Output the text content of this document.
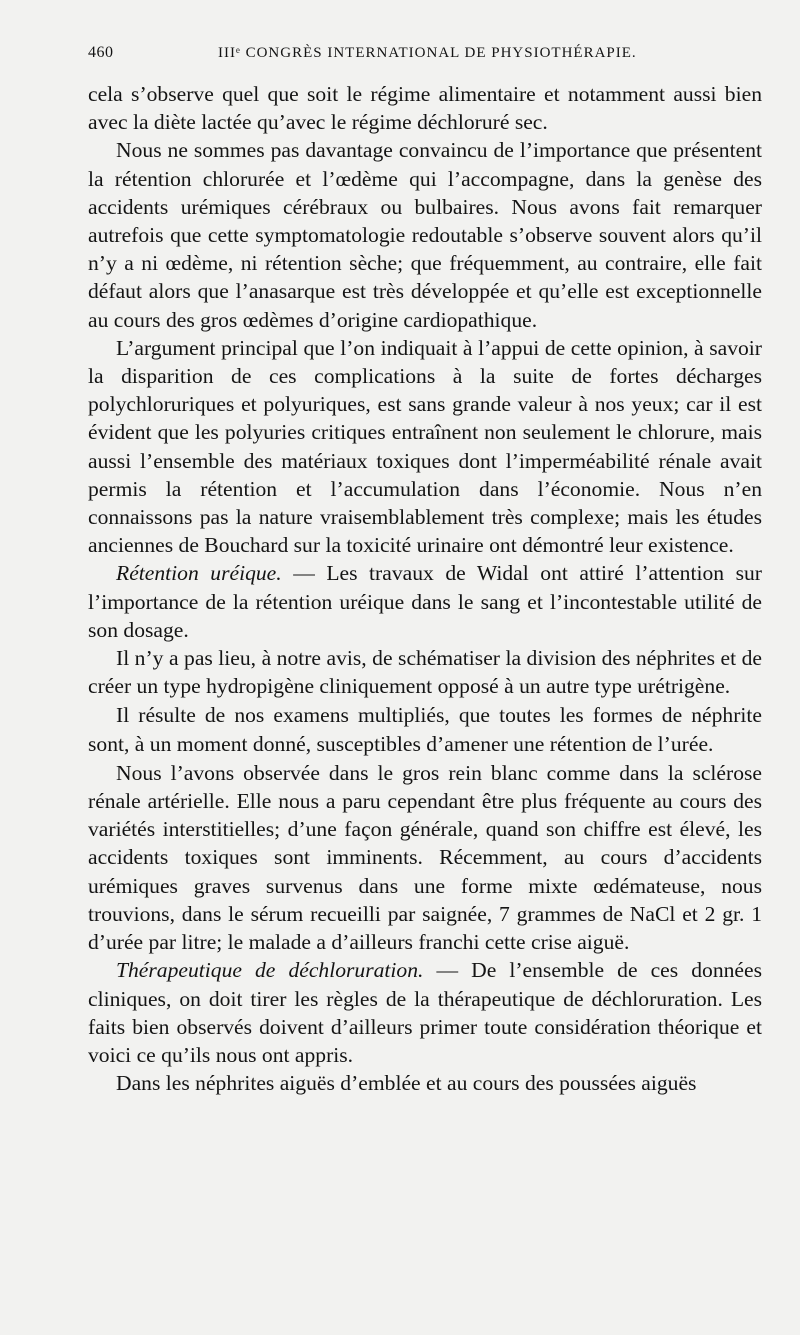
460	IIIᵉ CONGRÈS INTERNATIONAL DE PHYSIOTHÉRAPIE.

cela s’observe quel que soit le régime alimentaire et notamment aussi bien avec la diète lactée qu’avec le régime déchloruré sec.

Nous ne sommes pas davantage convaincu de l’importance que présentent la rétention chlorurée et l’œdème qui l’accompagne, dans la genèse des accidents urémiques cérébraux ou bulbaires. Nous avons fait remarquer autrefois que cette symptomatologie redoutable s’observe souvent alors qu’il n’y a ni œdème, ni rétention sèche; que fréquemment, au contraire, elle fait défaut alors que l’anasarque est très développée et qu’elle est exceptionnelle au cours des gros œdèmes d’origine cardiopathique.

L’argument principal que l’on indiquait à l’appui de cette opinion, à savoir la disparition de ces complications à la suite de fortes décharges polychloruriques et polyuriques, est sans grande valeur à nos yeux; car il est évident que les polyuries critiques entraînent non seulement le chlorure, mais aussi l’ensemble des matériaux toxiques dont l’imperméabilité rénale avait permis la rétention et l’accumulation dans l’économie. Nous n’en connaissons pas la nature vraisemblablement très complexe; mais les études anciennes de Bouchard sur la toxicité urinaire ont démontré leur existence.

Rétention uréique. — Les travaux de Widal ont attiré l’attention sur l’importance de la rétention uréique dans le sang et l’incontestable utilité de son dosage.

Il n’y a pas lieu, à notre avis, de schématiser la division des néphrites et de créer un type hydropigène cliniquement opposé à un autre type urétrigène.

Il résulte de nos examens multipliés, que toutes les formes de néphrite sont, à un moment donné, susceptibles d’amener une rétention de l’urée.

Nous l’avons observée dans le gros rein blanc comme dans la sclérose rénale artérielle. Elle nous a paru cependant être plus fréquente au cours des variétés interstitielles; d’une façon générale, quand son chiffre est élevé, les accidents toxiques sont imminents. Récemment, au cours d’accidents urémiques graves survenus dans une forme mixte œdémateuse, nous trouvions, dans le sérum recueilli par saignée, 7 grammes de NaCl et 2 gr. 1 d’urée par litre; le malade a d’ailleurs franchi cette crise aiguë.

Thérapeutique de déchloruration. — De l’ensemble de ces données cliniques, on doit tirer les règles de la thérapeutique de déchloruration. Les faits bien observés doivent d’ailleurs primer toute considération théorique et voici ce qu’ils nous ont appris.

Dans les néphrites aiguës d’emblée et au cours des poussées aiguës
